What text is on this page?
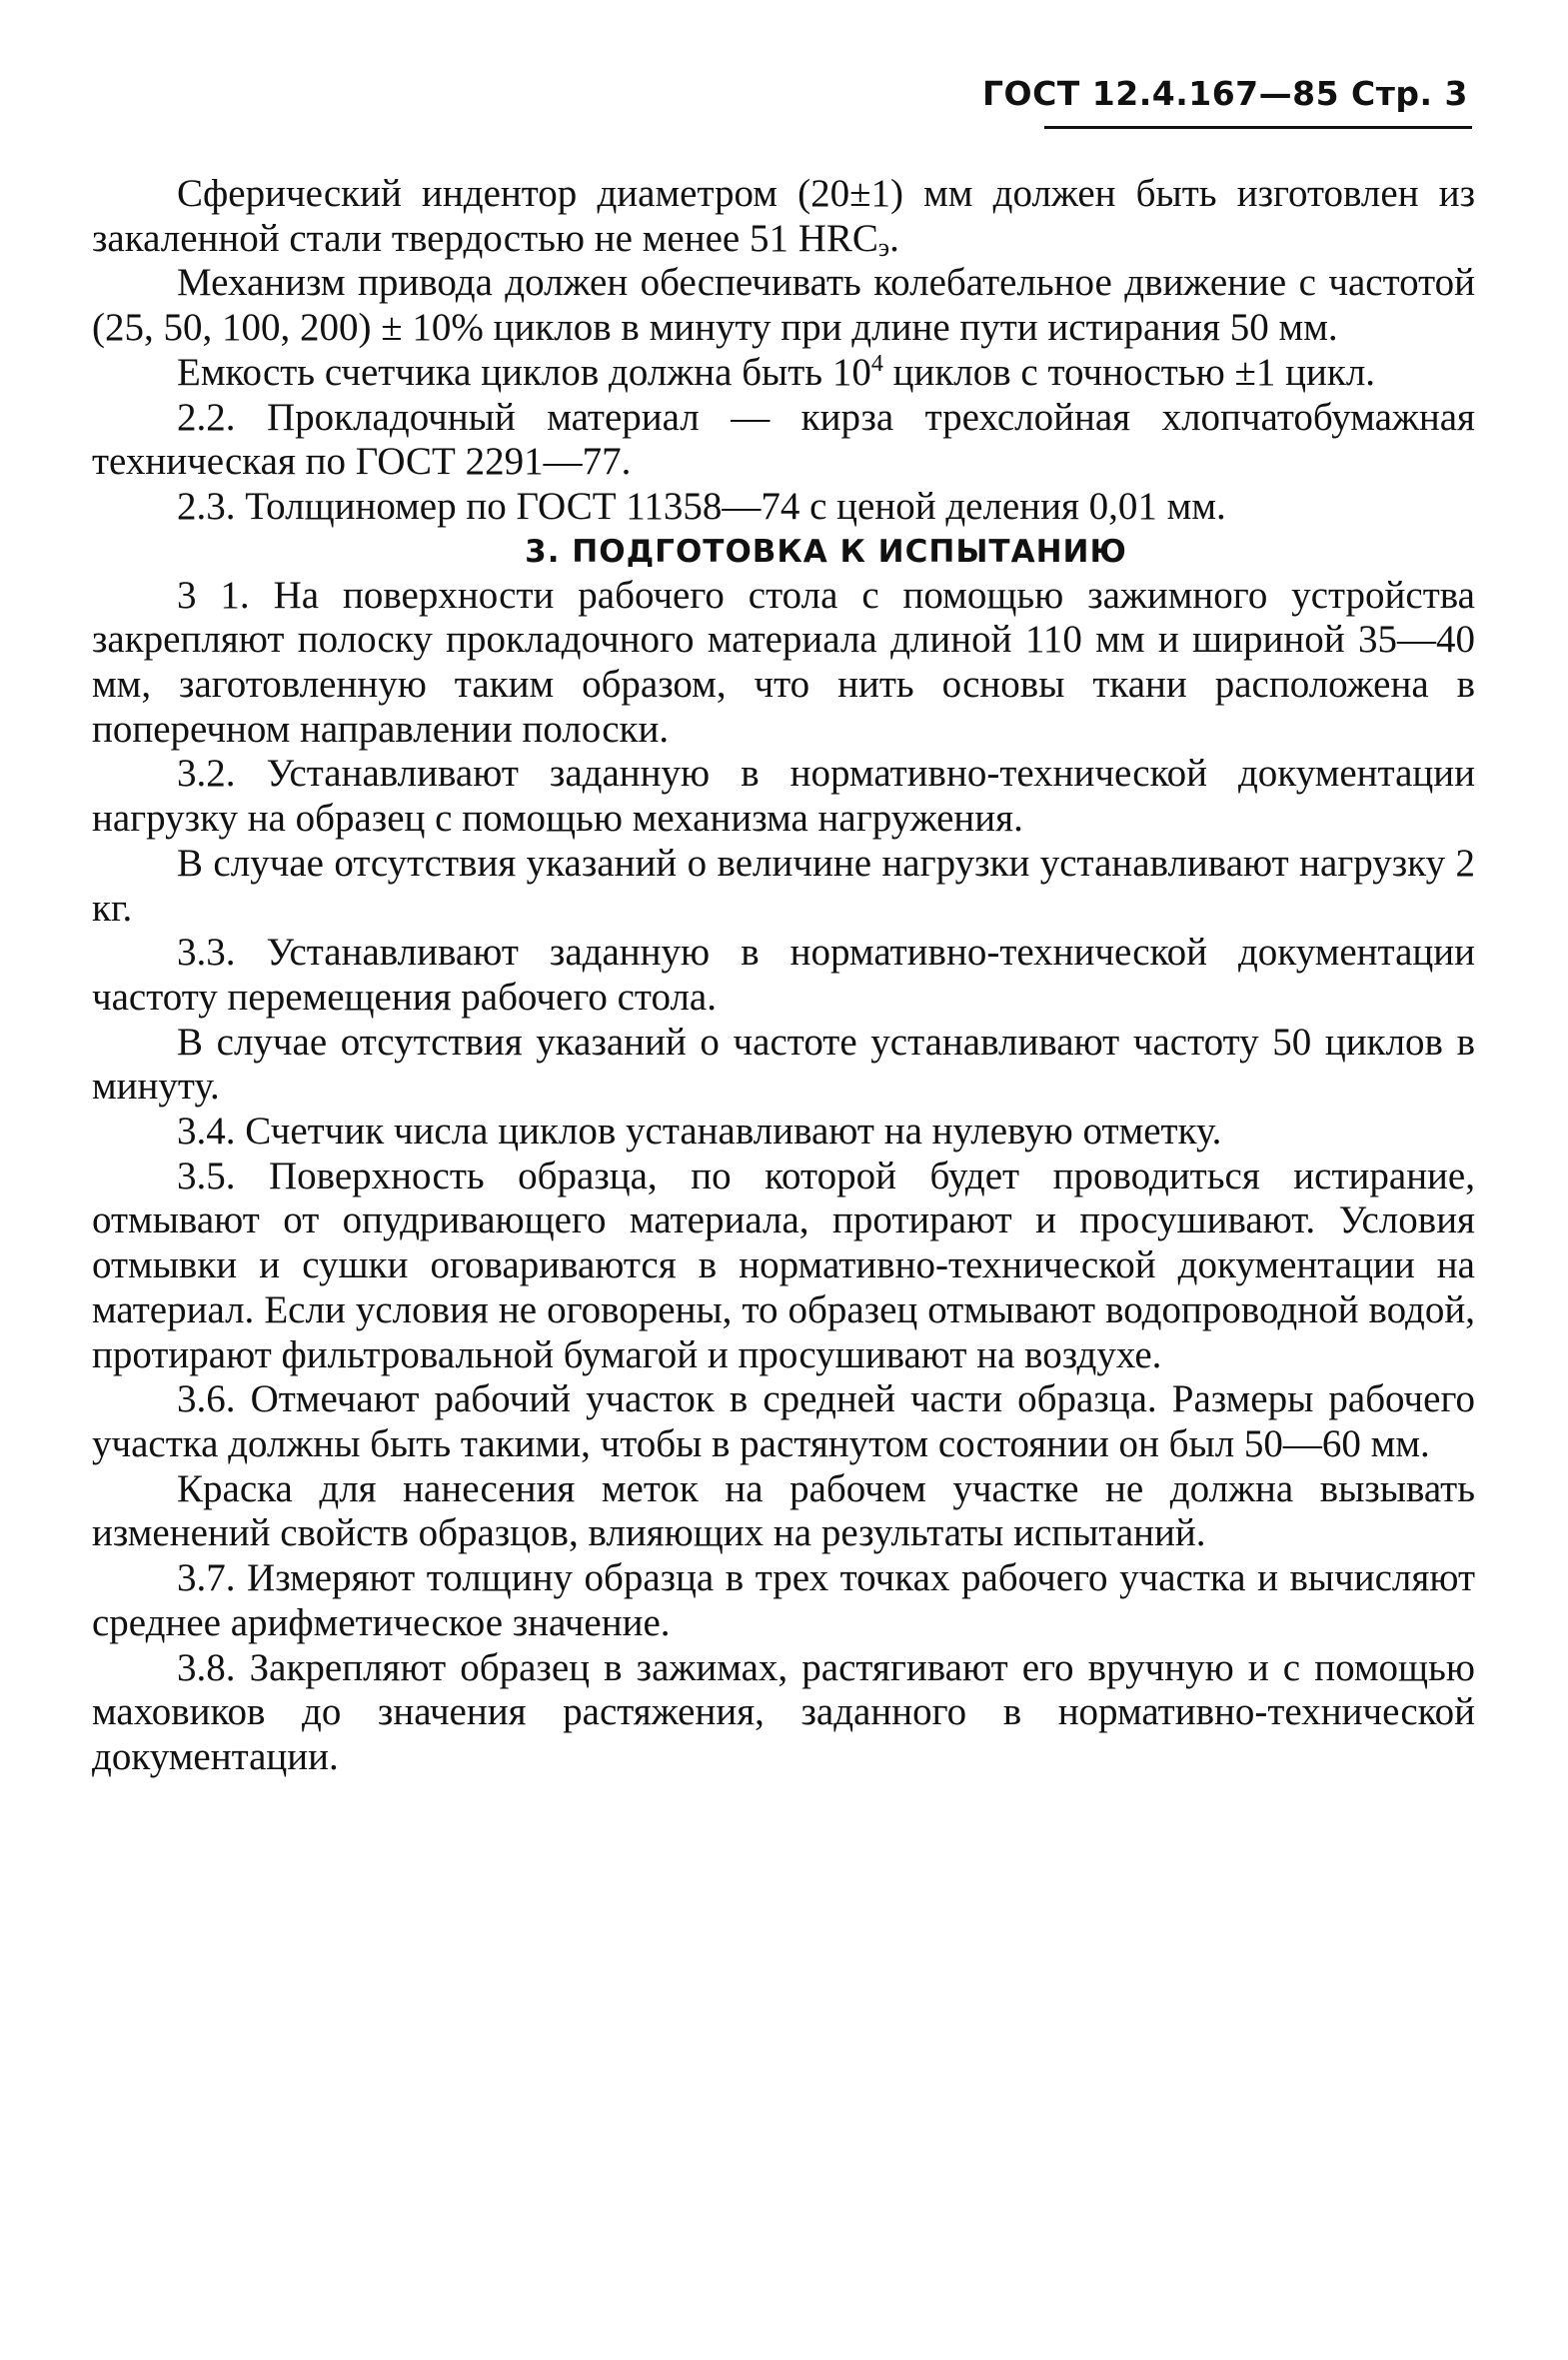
ГОСТ 12.4.167—85 Стр. 3

Сферический индентор диаметром (20±1) мм должен быть изготовлен из закаленной стали твердостью не менее 51 $HRC_э$.

Механизм привода должен обеспечивать колебательное движение с частотой (25, 50, 100, 200) ± 10% циклов в минуту при длине пути истирания 50 мм.

Емкость счетчика циклов должна быть $10^4$ циклов с точностью ±1 цикл.

2.2. Прокладочный материал — кирза трехслойная хлопчатобумажная техническая по ГОСТ 2291—77.

2.3. Толщиномер по ГОСТ 11358—74 с ценой деления 0,01 мм.

3. ПОДГОТОВКА К ИСПЫТАНИЮ

3 1. На поверхности рабочего стола с помощью зажимного устройства закрепляют полоску прокладочного материала длиной 110 мм и шириной 35—40 мм, заготовленную таким образом, что нить основы ткани расположена в поперечном направлении полоски.

3.2. Устанавливают заданную в нормативно-технической документации нагрузку на образец с помощью механизма нагружения.

В случае отсутствия указаний о величине нагрузки устанавливают нагрузку 2 кг.

3.3. Устанавливают заданную в нормативно-технической документации частоту перемещения рабочего стола.

В случае отсутствия указаний о частоте устанавливают частоту 50 циклов в минуту.

3.4. Счетчик числа циклов устанавливают на нулевую отметку.

3.5. Поверхность образца, по которой будет проводиться истирание, отмывают от опудривающего материала, протирают и просушивают. Условия отмывки и сушки оговариваются в нормативно-технической документации на материал. Если условия не оговорены, то образец отмывают водопроводной водой, протирают фильтровальной бумагой и просушивают на воздухе.

3.6. Отмечают рабочий участок в средней части образца. Размеры рабочего участка должны быть такими, чтобы в растянутом состоянии он был 50—60 мм.

Краска для нанесения меток на рабочем участке не должна вызывать изменений свойств образцов, влияющих на результаты испытаний.

3.7. Измеряют толщину образца в трех точках рабочего участка и вычисляют среднее арифметическое значение.

3.8. Закрепляют образец в зажимах, растягивают его вручную и с помощью маховиков до значения растяжения, заданного в нормативно-технической документации.
